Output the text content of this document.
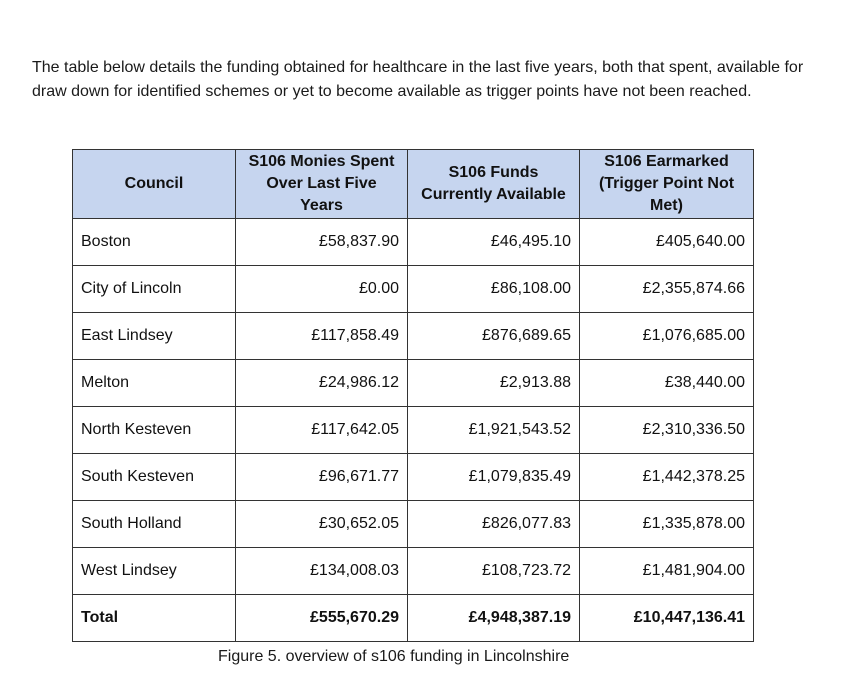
The table below details the funding obtained for healthcare in the last five years, both that spent, available for draw down for identified schemes or yet to become available as trigger points have not been reached.

Council	S106 Monies Spent Over Last Five Years	S106 Funds Currently Available	S106 Earmarked (Trigger Point Not Met)
Boston	£58,837.90	£46,495.10	£405,640.00
City of Lincoln	£0.00	£86,108.00	£2,355,874.66
East Lindsey	£117,858.49	£876,689.65	£1,076,685.00
Melton	£24,986.12	£2,913.88	£38,440.00
North Kesteven	£117,642.05	£1,921,543.52	£2,310,336.50
South Kesteven	£96,671.77	£1,079,835.49	£1,442,378.25
South Holland	£30,652.05	£826,077.83	£1,335,878.00
West Lindsey	£134,008.03	£108,723.72	£1,481,904.00
Total	£555,670.29	£4,948,387.19	£10,447,136.41

Figure 5. overview of s106 funding in Lincolnshire
